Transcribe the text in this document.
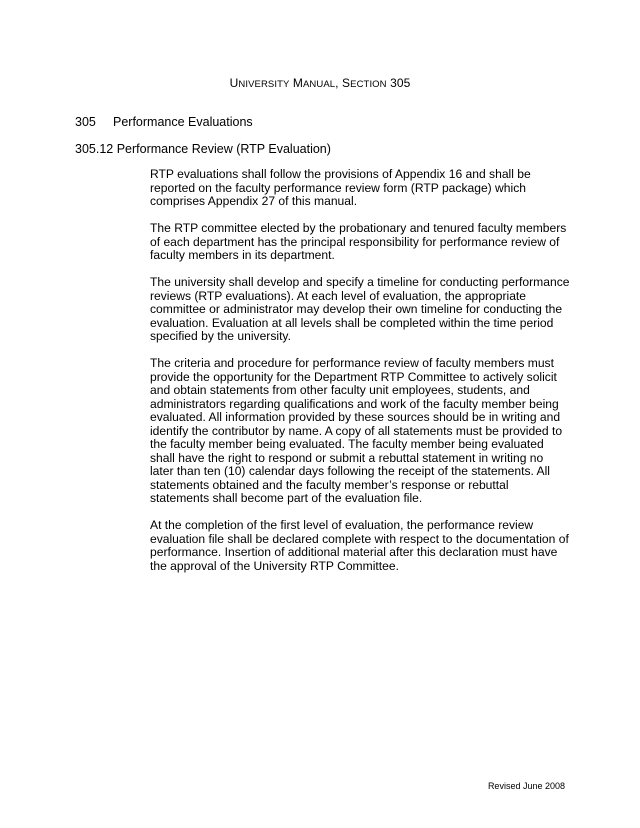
UNIVERSITY MANUAL, SECTION 305
305 Performance Evaluations
305.12 Performance Review (RTP Evaluation)

RTP evaluations shall follow the provisions of Appendix 16 and shall be reported on the faculty performance review form (RTP package) which comprises Appendix 27 of this manual.

The RTP committee elected by the probationary and tenured faculty members of each department has the principal responsibility for performance review of faculty members in its department.

The university shall develop and specify a timeline for conducting performance reviews (RTP evaluations). At each level of evaluation, the appropriate committee or administrator may develop their own timeline for conducting the evaluation. Evaluation at all levels shall be completed within the time period specified by the university.

The criteria and procedure for performance review of faculty members must provide the opportunity for the Department RTP Committee to actively solicit and obtain statements from other faculty unit employees, students, and administrators regarding qualifications and work of the faculty member being evaluated. All information provided by these sources should be in writing and identify the contributor by name. A copy of all statements must be provided to the faculty member being evaluated. The faculty member being evaluated shall have the right to respond or submit a rebuttal statement in writing no later than ten (10) calendar days following the receipt of the statements. All statements obtained and the faculty member’s response or rebuttal statements shall become part of the evaluation file.

At the completion of the first level of evaluation, the performance review evaluation file shall be declared complete with respect to the documentation of performance. Insertion of additional material after this declaration must have the approval of the University RTP Committee.

Revised June 2008
